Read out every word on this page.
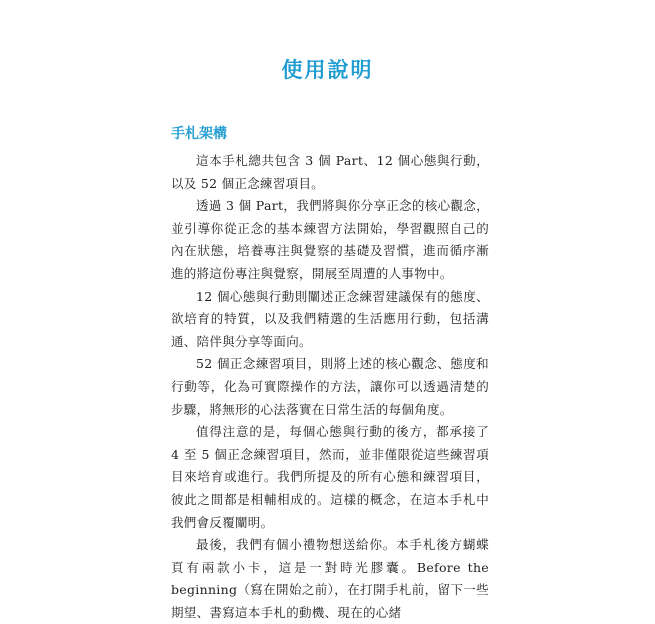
使用說明
手札架構

這本手札總共包含 3 個 Part、12 個心態與行動，以及 52 個正念練習項目。

透過 3 個 Part，我們將與你分享正念的核心觀念，並引導你從正念的基本練習方法開始，學習觀照自己的內在狀態，培養專注與覺察的基礎及習慣，進而循序漸進的將這份專注與覺察，開展至周遭的人事物中。

12 個心態與行動則闡述正念練習建議保有的態度、欲培育的特質，以及我們精選的生活應用行動，包括溝通、陪伴與分享等面向。

52 個正念練習項目，則將上述的核心觀念、態度和行動等，化為可實際操作的方法，讓你可以透過清楚的步驟，將無形的心法落實在日常生活的每個角度。

值得注意的是，每個心態與行動的後方，都承接了 4 至 5 個正念練習項目，然而，並非僅限從這些練習項目來培育或進行。我們所提及的所有心態和練習項目，彼此之間都是相輔相成的。這樣的概念，在這本手札中我們會反覆闡明。

最後，我們有個小禮物想送給你。本手札後方蝴蝶頁有兩款小卡，這是一對時光膠囊。Before the beginning（寫在開始之前），在打開手札前，留下一些期望、書寫這本手札的動機、現在的心緒
